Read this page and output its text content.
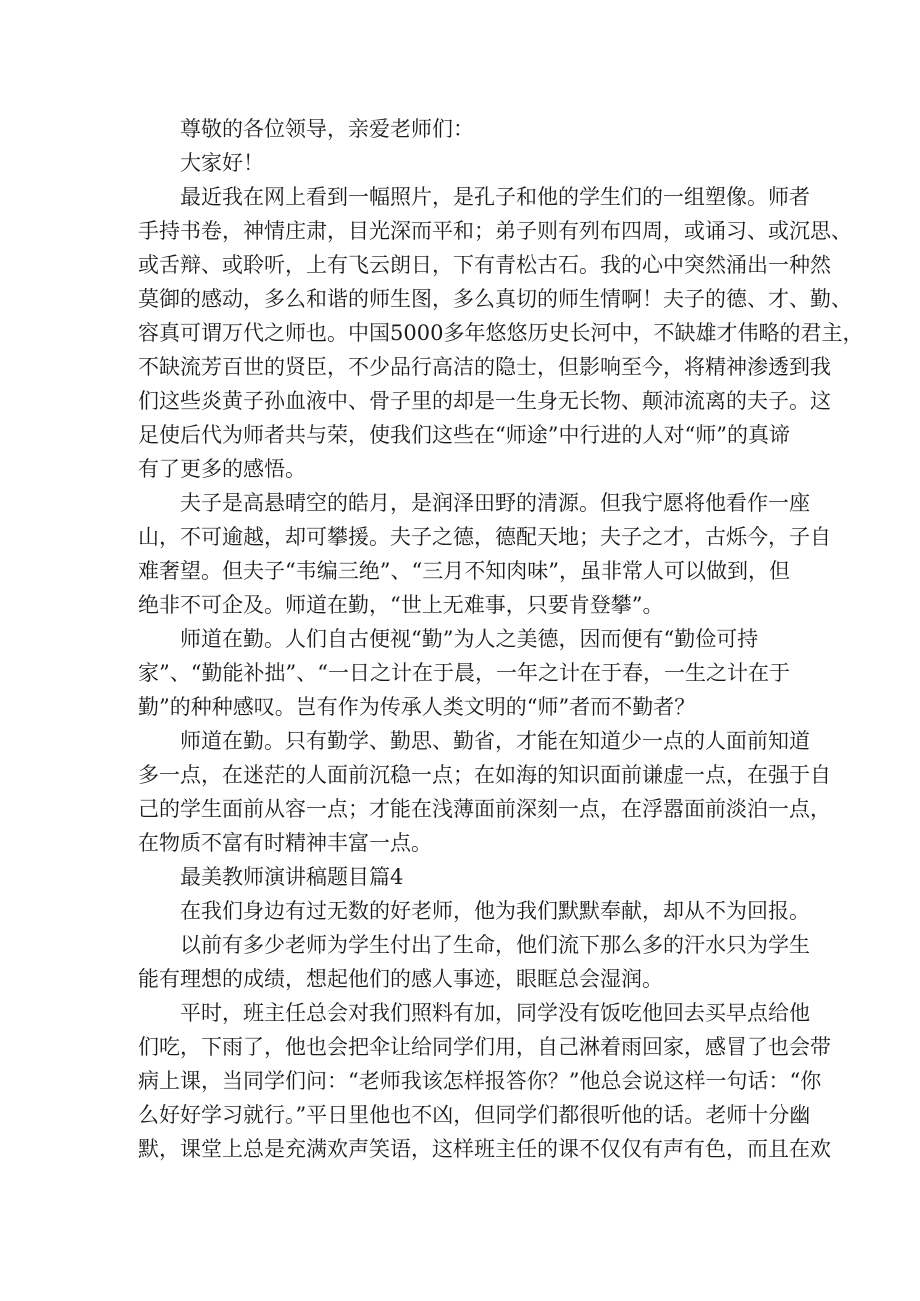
尊敬的各位领导，亲爱老师们：

大家好！

最近我在网上看到一幅照片，是孔子和他的学生们的一组塑像。师者

手持书卷，神情庄肃，目光深而平和；弟子则有列布四周，或诵习、或沉思、

或舌辩、或聆听，上有飞云朗日，下有青松古石。我的心中突然涌出一种然

莫御的感动，多么和谐的师生图，多么真切的师生情啊！夫子的德、才、勤、

容真可谓万代之师也。中国5000多年悠悠历史长河中，不缺雄才伟略的君主，

不缺流芳百世的贤臣，不少品行高洁的隐士，但影响至今，将精神渗透到我

们这些炎黄子孙血液中、骨子里的却是一生身无长物、颠沛流离的夫子。这

足使后代为师者共与荣，使我们这些在“师途”中行进的人对“师”的真谛

有了更多的感悟。

夫子是高悬晴空的皓月，是润泽田野的清源。但我宁愿将他看作一座

山，不可逾越，却可攀援。夫子之德，德配天地；夫子之才，古烁今，子自

难奢望。但夫子“韦编三绝”、“三月不知肉味”，虽非常人可以做到，但

绝非不可企及。师道在勤，“世上无难事，只要肯登攀”。

师道在勤。人们自古便视“勤”为人之美德，因而便有“勤俭可持

家”、“勤能补拙”、“一日之计在于晨，一年之计在于春，一生之计在于

勤”的种种感叹。岂有作为传承人类文明的“师”者而不勤者？

师道在勤。只有勤学、勤思、勤省，才能在知道少一点的人面前知道

多一点，在迷茫的人面前沉稳一点；在如海的知识面前谦虚一点，在强于自

己的学生面前从容一点；才能在浅薄面前深刻一点，在浮嚣面前淡泊一点，

在物质不富有时精神丰富一点。

最美教师演讲稿题目篇4

在我们身边有过无数的好老师，他为我们默默奉献，却从不为回报。

以前有多少老师为学生付出了生命，他们流下那么多的汗水只为学生

能有理想的成绩，想起他们的感人事迹，眼眶总会湿润。

平时，班主任总会对我们照料有加，同学没有饭吃他回去买早点给他

们吃，下雨了，他也会把伞让给同学们用，自己淋着雨回家，感冒了也会带

病上课，当同学们问：“老师我该怎样报答你？”他总会说这样一句话：“你

么好好学习就行。”平日里他也不凶，但同学们都很听他的话。老师十分幽

默，课堂上总是充满欢声笑语，这样班主任的课不仅仅有声有色，而且在欢
